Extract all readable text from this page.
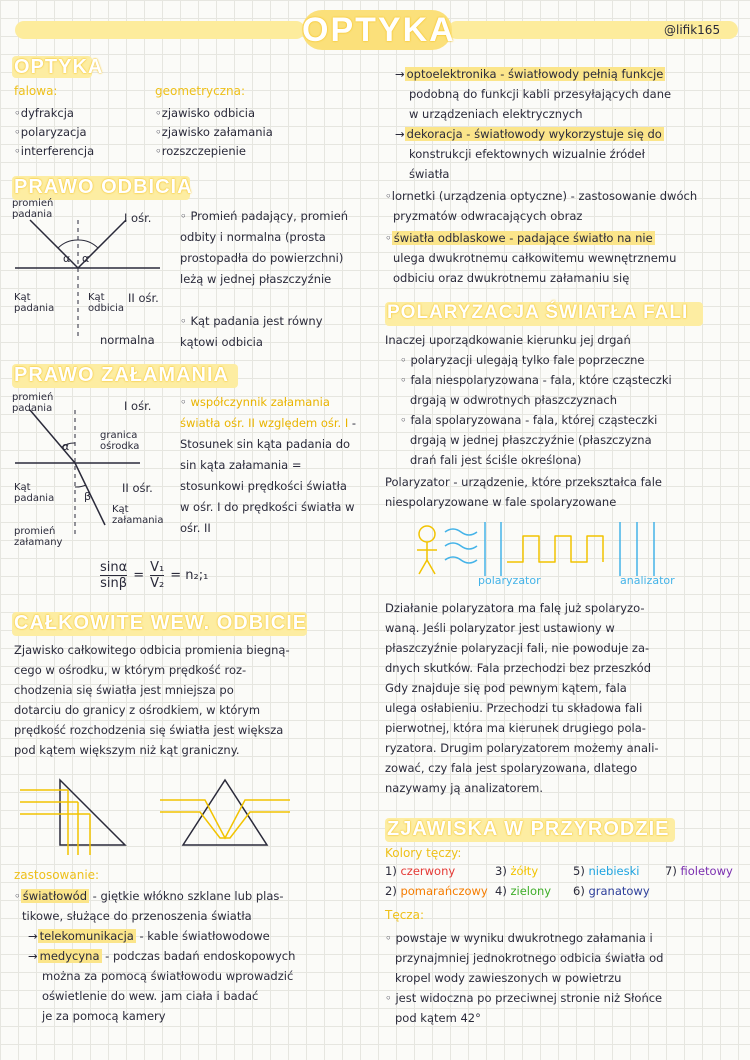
OPTYKA	@lifik165
OPTYKA
falowa:
◦ dyfrakcja
◦ polaryzacja
◦ interferencja
geometryczna:
◦ zjawisko odbicia
◦ zjawisko załamania
◦ rozszczepienie
PRAWO ODBICIA
promień padania	I ośr.
α α
Kąt padania
Kąt odbicia
II ośr.
normalna
◦ Promień padający, promień odbity i normalna (prosta prostopadła do powierzchni) leżą w jednej płaszczyźnie
◦ Kąt padania jest równy kątowi odbicia
PRAWO ZAŁAMANIA
promień padania	I ośr.
α
granica ośrodka
Kąt padania	β
II ośr.
Kąt załamania
promień załamany
◦ współczynnik załamania światła ośr. II względem ośr. I - Stosunek sin kąta padania do sin kąta załamania = stosunkowi prędkości światła w ośr. I do prędkości światła w ośr. II
$\frac{\sin\alpha}{\sin\beta} = \frac{\text{V₁}}{\text{V₂}}$ = n₂;₁
CAŁKOWITE WEW. ODBICIE
Zjawisko całkowitego odbicia promienia biegną-
cego w ośrodku, w którym prędkość roz-
chodzenia się światła jest mniejsza po
dotarciu do granicy z ośrodkiem, w którym
prędkość rozchodzenia się światła jest większa
pod kątem większym niż kąt graniczny.
zastosowanie:
◦ światłowód - giętkie włókno szklane lub plas-
tikowe, służące do przenoszenia światła
→ telekomunikacja - kable światłowodowe
→ medycyna - podczas badań endoskopowych
można za pomocą światłowodu wprowadzić
oświetlenie do wew. jam ciała i badać
je za pomocą kamery
→ optoelektronika - światłowody pełnią funkcje
podobną do funkcji kabli przesyłających dane
w urządzeniach elektrycznych
→ dekoracja - światłowody wykorzystuje się do
konstrukcji efektownych wizualnie źródeł
światła
◦lornetki (urządzenia optyczne) - zastosowanie dwóch
pryzmatów odwracających obraz
◦ światła odblaskowe - padające światło na nie
ulega dwukrotnemu całkowitemu wewnętrznemu
odbiciu oraz dwukrotnemu załamaniu się
POLARYZACJA ŚWIATŁA FALI
Inaczej uporządkowanie kierunku jej drgań
◦ polaryzacji ulegają tylko fale poprzeczne
◦ fala niespolaryzowana - fala, które cząsteczki
drgają w odwrotnych płaszczyznach
◦ fala spolaryzowana - fala, której cząsteczki
drgają w jednej płaszczyźnie (płaszczyzna
drań fali jest ściśle określona)
Polaryzator - urządzenie, które przekształca fale
niespolaryzowane w fale spolaryzowane
polaryzator	analizator
Działanie polaryzatora ma falę już spolaryzo-
waną. Jeśli polaryzator jest ustawiony w
płaszczyźnie polaryzacji fali, nie powoduje za-
dnych skutków. Fala przechodzi bez przeszkód
Gdy znajduje się pod pewnym kątem, fala
ulega osłabieniu. Przechodzi tu składowa fali
pierwotnej, która ma kierunek drugiego pola-
ryzatora. Drugim polaryzatorem możemy anali-
zować, czy fala jest spolaryzowana, dlatego
nazywamy ją analizatorem.
ZJAWISKA W PRZYRODZIE
Kolory tęczy:
1) czerwony
2) pomarańczowy
3) żółty
4) zielony
5) niebieski
6) granatowy
7) fioletowy
Tęcza:
◦ powstaje w wyniku dwukrotnego załamania i
przynajmniej jednokrotnego odbicia światła od
kropel wody zawieszonych w powietrzu
◦ jest widoczna po przeciwnej stronie niż Słońce
pod kątem 42°
